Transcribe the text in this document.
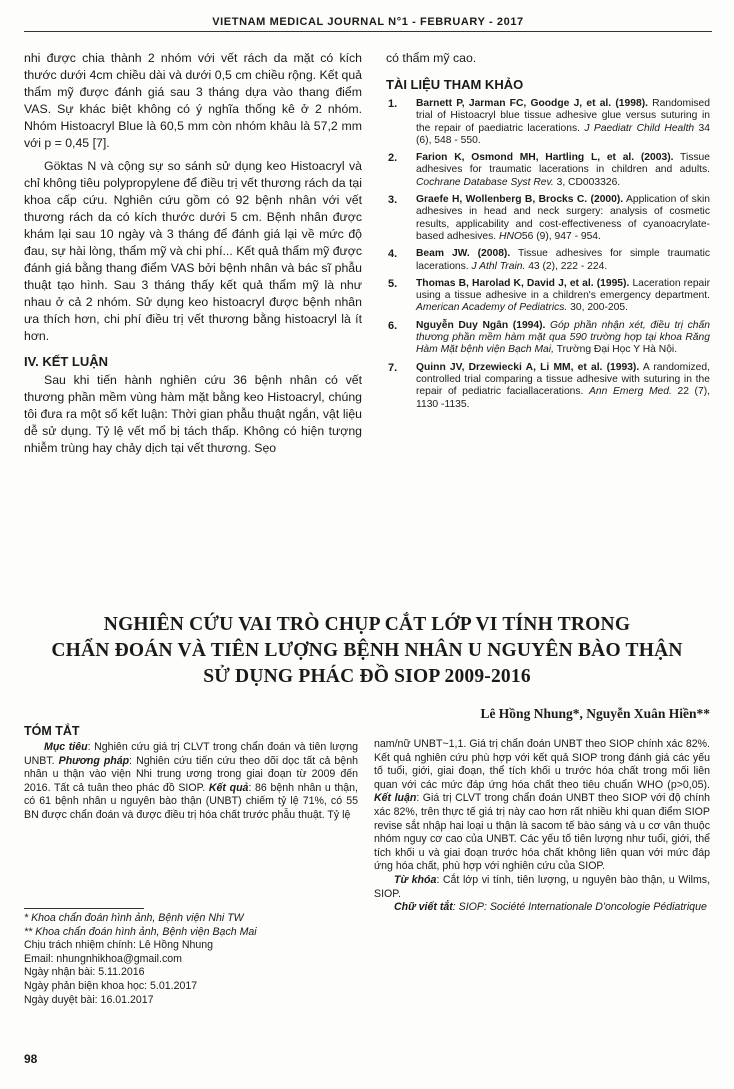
VIETNAM MEDICAL JOURNAL N°1 - FEBRUARY - 2017

nhi được chia thành 2 nhóm với vết rách da mặt có kích thước dưới 4cm chiều dài và dưới 0,5 cm chiều rộng. Kết quả thẩm mỹ được đánh giá sau 3 tháng dựa vào thang điểm VAS. Sự khác biệt không có ý nghĩa thống kê ở 2 nhóm. Nhóm Histoacryl Blue là 60,5 mm còn nhóm khâu là 57,2 mm với p = 0,45 [7].

Göktas N và cộng sự so sánh sử dụng keo Histoacryl và chỉ không tiêu polypropylene để điều trị vết thương rách da tại khoa cấp cứu. Nghiên cứu gồm có 92 bệnh nhân với vết thương rách da có kích thước dưới 5 cm. Bệnh nhân được khám lại sau 10 ngày và 3 tháng để đánh giá lại về mức độ đau, sự hài lòng, thẩm mỹ và chi phí... Kết quả thẩm mỹ được đánh giá bằng thang điểm VAS bởi bệnh nhân và bác sĩ phẫu thuật tạo hình. Sau 3 tháng thấy kết quả thẩm mỹ là như nhau ở cả 2 nhóm. Sử dụng keo histoacryl được bệnh nhân ưa thích hơn, chi phí điều trị vết thương bằng histoacryl là ít hơn.

IV. KẾT LUẬN

Sau khi tiến hành nghiên cứu 36 bệnh nhân có vết thương phần mềm vùng hàm mặt bằng keo Histoacryl, chúng tôi đưa ra một số kết luận: Thời gian phẫu thuật ngắn, vật liệu dễ sử dụng. Tỷ lệ vết mổ bị tách thấp. Không có hiện tượng nhiễm trùng hay chảy dịch tại vết thương. Sẹo

có thẩm mỹ cao.
TÀI LIỆU THAM KHẢO
1. Barnett P, Jarman FC, Goodge J, et al. (1998). Randomised trial of Histoacryl blue tissue adhesive glue versus suturing in the repair of paediatric lacerations. J Paediatr Child Health 34 (6), 548 - 550.
2. Farion K, Osmond MH, Hartling L, et al. (2003). Tissue adhesives for traumatic lacerations in children and adults. Cochrane Database Syst Rev. 3, CD003326.
3. Graefe H, Wollenberg B, Brocks C. (2000). Application of skin adhesives in head and neck surgery: analysis of cosmetic results, applicability and cost-effectiveness of cyanoacrylate-based adhesives. HNO56 (9), 947 - 954.
4. Beam JW. (2008). Tissue adhesives for simple traumatic lacerations. J Athl Train. 43 (2), 222 - 224.
5. Thomas B, Harolad K, David J, et al. (1995). Laceration repair using a tissue adhesive in a children's emergency department. American Academy of Pediatrics. 30, 200-205.
6. Nguyễn Duy Ngân (1994). Góp phần nhận xét, điều trị chấn thương phần mềm hàm mặt qua 590 trường hợp tại khoa Răng Hàm Mặt bệnh viện Bạch Mai, Trường Đại Học Y Hà Nội.
7. Quinn JV, Drzewiecki A, Li MM, et al. (1993). A randomized, controlled trial comparing a tissue adhesive with suturing in the repair of pediatric faciallacerations. Ann Emerg Med. 22 (7), 1130 -1135.
NGHIÊN CỨU VAI TRÒ CHỤP CẮT LỚP VI TÍNH TRONG
CHẨN ĐOÁN VÀ TIÊN LƯỢNG BỆNH NHÂN U NGUYÊN BÀO THẬN
SỬ DỤNG PHÁC ĐỒ SIOP 2009-2016
Lê Hồng Nhung*, Nguyễn Xuân Hiền**
TÓM TẮT

Mục tiêu: Nghiên cứu giá trị CLVT trong chẩn đoán và tiên lượng UNBT. Phương pháp: Nghiên cứu tiến cứu theo dõi dọc tất cả bệnh nhân u thận vào viện Nhi trung ương trong giai đoạn từ 2009 đến 2016. Tất cả tuân theo phác đồ SIOP. Kết quả: 86 bệnh nhân u thận, có 61 bệnh nhân u nguyên bào thận (UNBT) chiếm tỷ lệ 71%, có 55 BN được chẩn đoán và được điều trị hóa chất trước phẫu thuật. Tỷ lệ

nam/nữ UNBT~1,1. Giá trị chẩn đoán UNBT theo SIOP chính xác 82%. Kết quả nghiên cứu phù hợp với kết quả SIOP trong đánh giá các yếu tố tuổi, giới, giai đoạn, thể tích khối u trước hóa chất trong mối liên quan với các mức đáp ứng hóa chất theo tiêu chuẩn WHO (p>0,05). Kết luận: Giá trị CLVT trong chẩn đoán UNBT theo SIOP với độ chính xác 82%, trên thực tế giá trị này cao hơn rất nhiều khi quan điểm SIOP revise sắt nhập hai loại u thận là sacom tế bào sáng và u cơ vân thuộc nhóm nguy cơ cao của UNBT. Các yếu tố tiên lượng như tuổi, giới, thể tích khối u và giai đoạn trước hóa chất không liên quan với mức đáp ứng hóa chất, phù hợp với nghiên cứu của SIOP.

Từ khóa: Cắt lớp vi tính, tiên lượng, u nguyên bào thận, u Wilms, SIOP.

Chữ viết tắt: SIOP: Société Internationale D'oncologie Pédiatrique

* Khoa chẩn đoán hình ảnh, Bệnh viện Nhi TW
** Khoa chẩn đoán hình ảnh, Bệnh viện Bạch Mai
Chịu trách nhiệm chính: Lê Hồng Nhung
Email: nhungnhikhoa@gmail.com
Ngày nhận bài: 5.11.2016
Ngày phản biện khoa học: 5.01.2017
Ngày duyệt bài: 16.01.2017
98
